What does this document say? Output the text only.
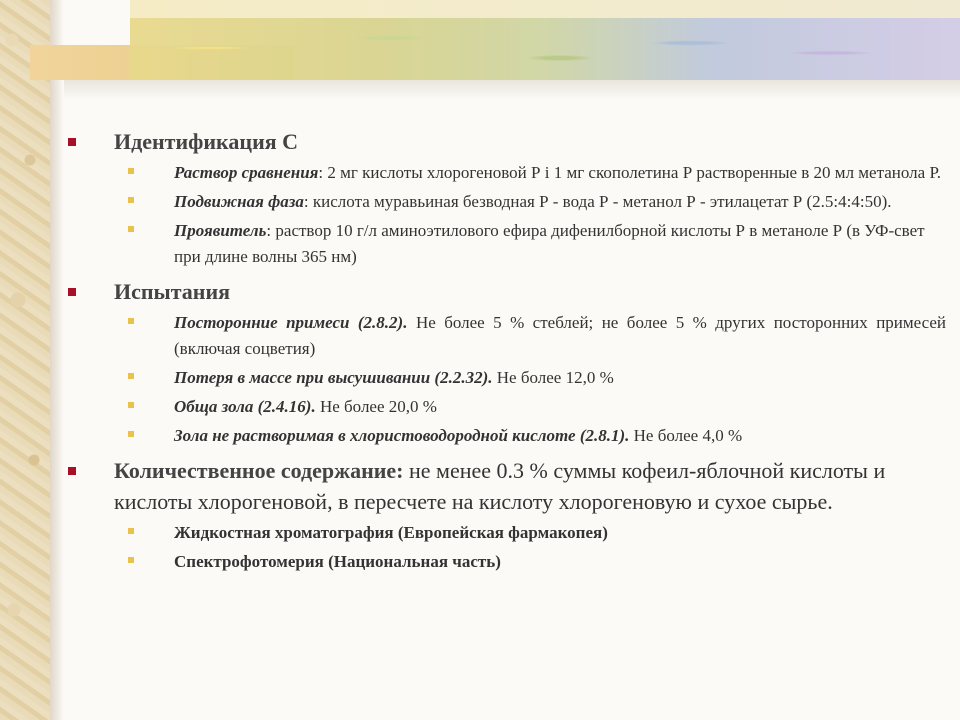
Идентификация С
Раствор сравнения: 2 мг кислоты хлорогеновой Р і 1 мг скополетина Р растворенные в 20 мл метанола Р.
Подвижная фаза: кислота муравьиная безводная Р - вода Р - метанол Р - этилацетат Р (2.5:4:4:50).
Проявитель: раствор 10 г/л аминоэтилового ефира дифенилборной кислоты Р в метаноле Р (в УФ-свет при длине волны 365 нм)
Испытания
Посторонние примеси (2.8.2). Не более 5 % стеблей; не более 5 % других посторонних примесей (включая соцветия)
Потеря в массе при высушивании (2.2.32). Не более 12,0 %
Обща зола (2.4.16). Не более 20,0 %
Зола не растворимая в хлористоводородной кислоте (2.8.1). Не более 4,0 %
Количественное содержание: не менее 0.3 % суммы кофеил-яблочной кислоты и кислоты хлорогеновой, в пересчете на кислоту хлорогеновую и сухое сырье.
Жидкостная хроматография (Европейская фармакопея)
Спектрофотомерия (Национальная часть)
